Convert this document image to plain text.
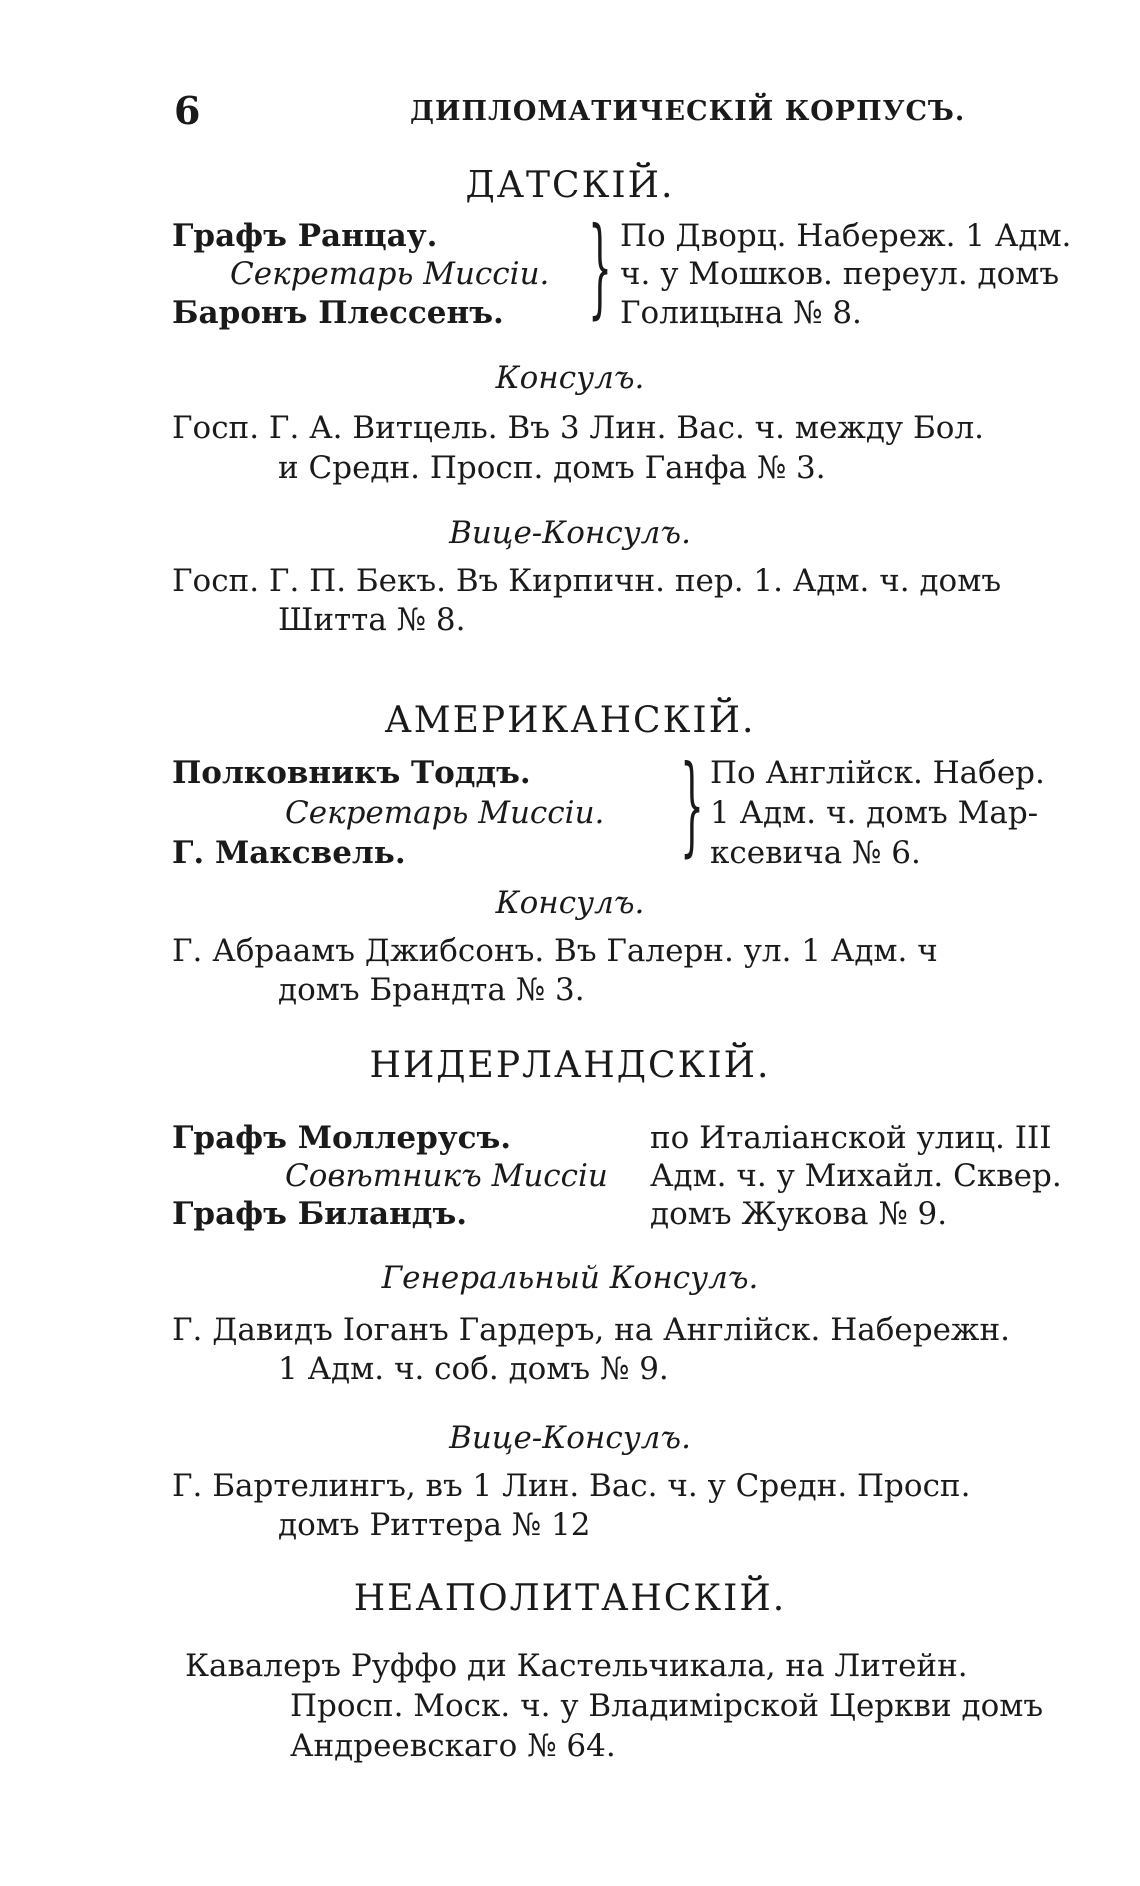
6	ДИПЛОМАТИЧЕСКІЙ КОРПУСЪ.
ДАТСКІЙ.
Графъ Ранцау.
Секретарь Миссіи.
Баронъ Плессенъ. } По Дворц. Набереж. 1 Адм.
ч. у Мошков. переул. домъ
Голицына № 8.
Консулъ.
Госп. Г. А. Витцель. Въ 3 Лин. Вас. ч. между Бол.
и Средн. Просп. домъ Ганфа № 3.
Вице-Консулъ.
Госп. Г. П. Бекъ. Въ Кирпичн. пер. 1. Адм. ч. домъ
Шитта № 8.
АМЕРИКАНСКІЙ.
Полковникъ Тоддъ.
Секретарь Миссіи.
Г. Максвель.	} По Англійск. Набер.
1 Адм. ч. домъ Мар-
ксевича № 6.
Консулъ.
Г. Абраамъ Джибсонъ. Въ Галерн. ул. 1 Адм. ч
домъ Брандта № 3.
НИДЕРЛАНДСКІЙ.
Графъ Моллерусъ.
Совѣтникъ Миссіи
Графъ Биландъ.
по Италіанской улиц. III
Адм. ч. у Михайл. Сквер.
домъ Жукова № 9.
Генеральный Консулъ.
Г. Давидъ Іоганъ Гардеръ, на Англійск. Набережн.
1 Адм. ч. соб. домъ № 9.
Вице-Консулъ.
Г. Бартелингъ, въ 1 Лин. Вас. ч. у Средн. Просп.
домъ Риттера № 12
НЕАПОЛИТАНСКІЙ.
Кавалеръ Руффо ди Кастельчикала, на Литейн.
Просп. Моск. ч. у Владимірской Церкви домъ
Андреевскаго № 64.
